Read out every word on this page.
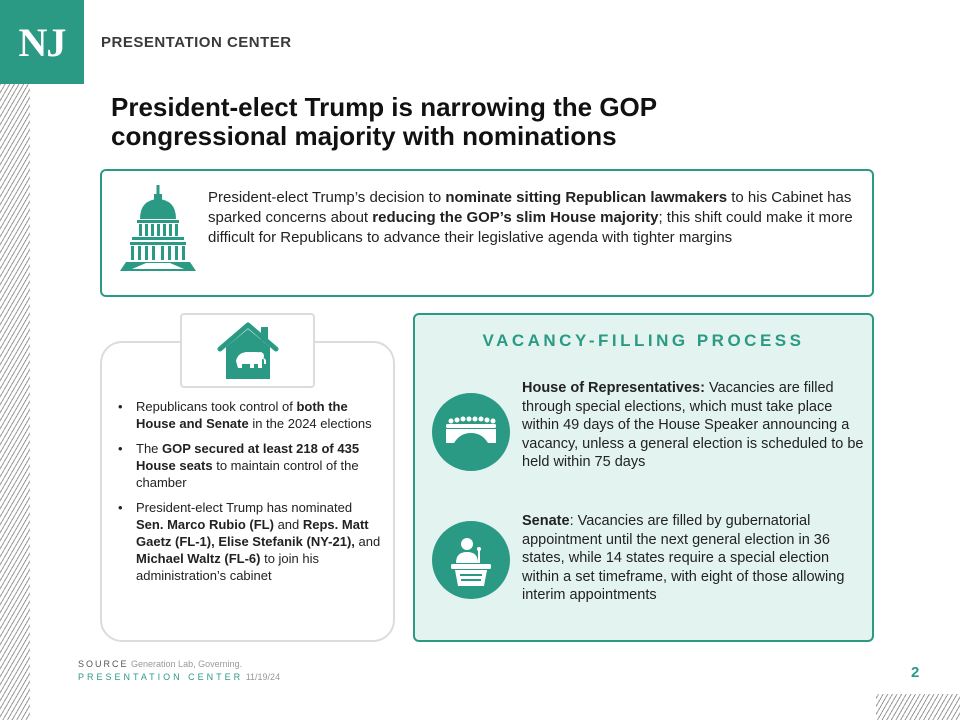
NJ PRESENTATION CENTER
President-elect Trump is narrowing the GOP congressional majority with nominations

President-elect Trump’s decision to nominate sitting Republican lawmakers to his Cabinet has sparked concerns about reducing the GOP’s slim House majority; this shift could make it more difficult for Republicans to advance their legislative agenda with tighter margins

• Republicans took control of both the House and Senate in the 2024 elections
• The GOP secured at least 218 of 435 House seats to maintain control of the chamber
• President-elect Trump has nominated Sen. Marco Rubio (FL) and Reps. Matt Gaetz (FL-1), Elise Stefanik (NY-21), and Michael Waltz (FL-6) to join his administration’s cabinet
VACANCY-FILLING PROCESS

House of Representatives: Vacancies are filled through special elections, which must take place within 49 days of the House Speaker announcing a vacancy, unless a general election is scheduled to be held within 75 days

Senate: Vacancies are filled by gubernatorial appointment until the next general election in 36 states, while 14 states require a special election within a set timeframe, with eight of those allowing interim appointments

SOURCE Generation Lab, Governing.
PRESENTATION CENTER 11/19/24	2
